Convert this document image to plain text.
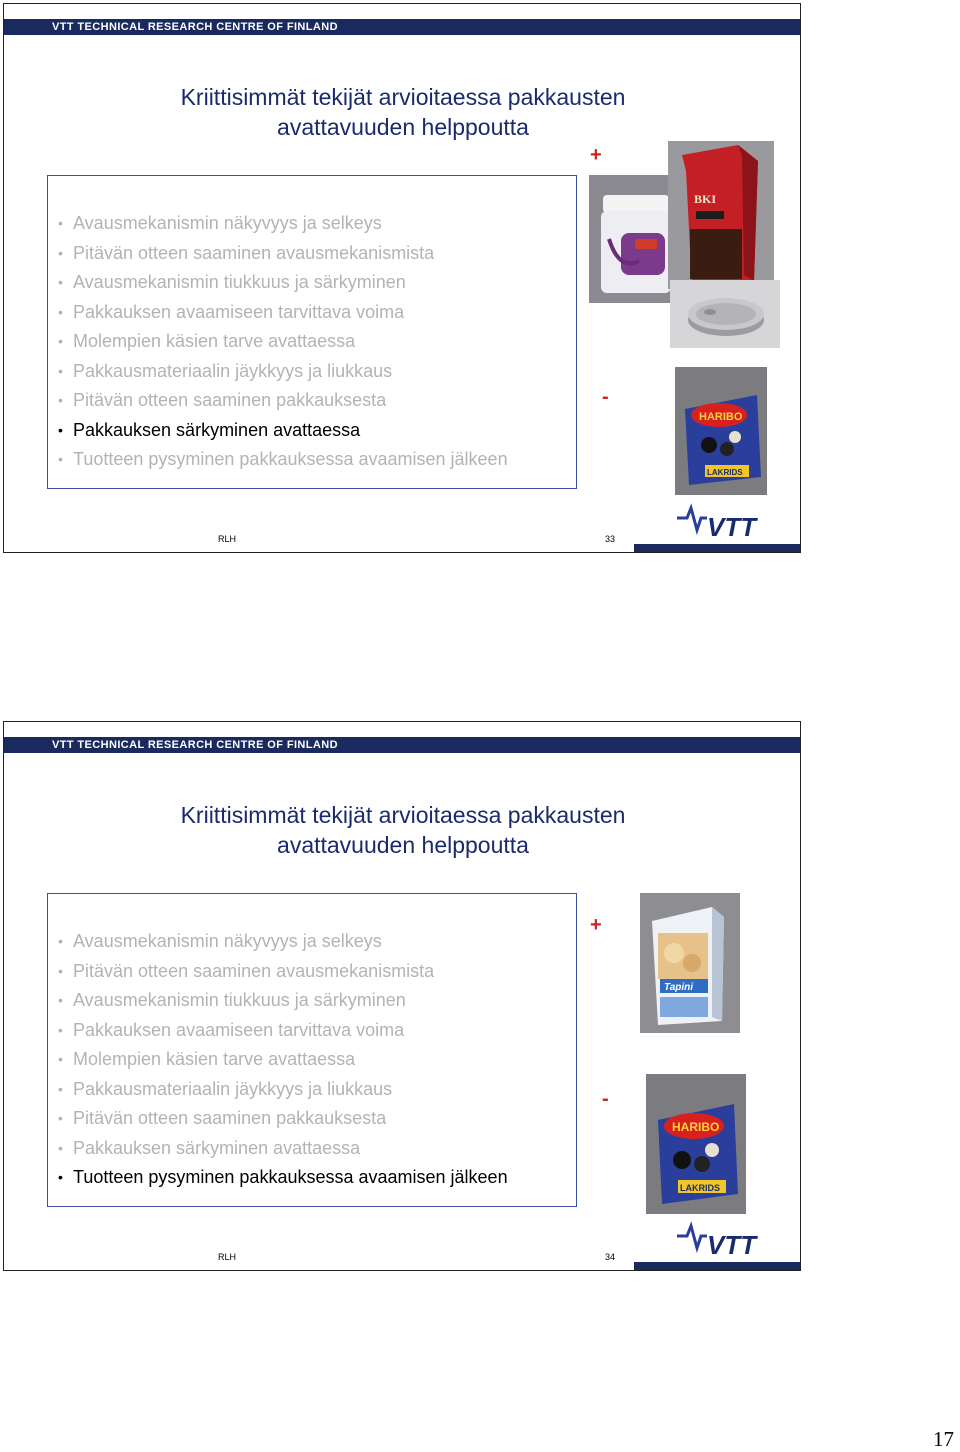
VTT TECHNICAL RESEARCH CENTRE OF FINLAND
Kriittisimmät tekijät arvioitaessa pakkausten
avattavuuden helppoutta
• Avausmekanismin näkyvyys ja selkeys
• Pitävän otteen saaminen avausmekanismista
• Avausmekanismin tiukkuus ja särkyminen
• Pakkauksen avaamiseen tarvittava voima
• Molempien käsien tarve avattaessa
• Pakkausmateriaalin jäykkyys ja liukkaus
• Pitävän otteen saaminen pakkauksesta
• Pakkauksen särkyminen avattaessa
• Tuotteen pysyminen pakkauksessa avaamisen jälkeen
+
-
BKI
HARIBO
LAKRIDS
VTT
RLH	33
VTT TECHNICAL RESEARCH CENTRE OF FINLAND
Kriittisimmät tekijät arvioitaessa pakkausten
avattavuuden helppoutta
• Avausmekanismin näkyvyys ja selkeys
• Pitävän otteen saaminen avausmekanismista
• Avausmekanismin tiukkuus ja särkyminen
• Pakkauksen avaamiseen tarvittava voima
• Molempien käsien tarve avattaessa
• Pakkausmateriaalin jäykkyys ja liukkaus
• Pitävän otteen saaminen pakkauksesta
• Pakkauksen särkyminen avattaessa
• Tuotteen pysyminen pakkauksessa avaamisen jälkeen
+
-
Tapini
HARIBO
LAKRIDS
VTT
RLH	34
17
